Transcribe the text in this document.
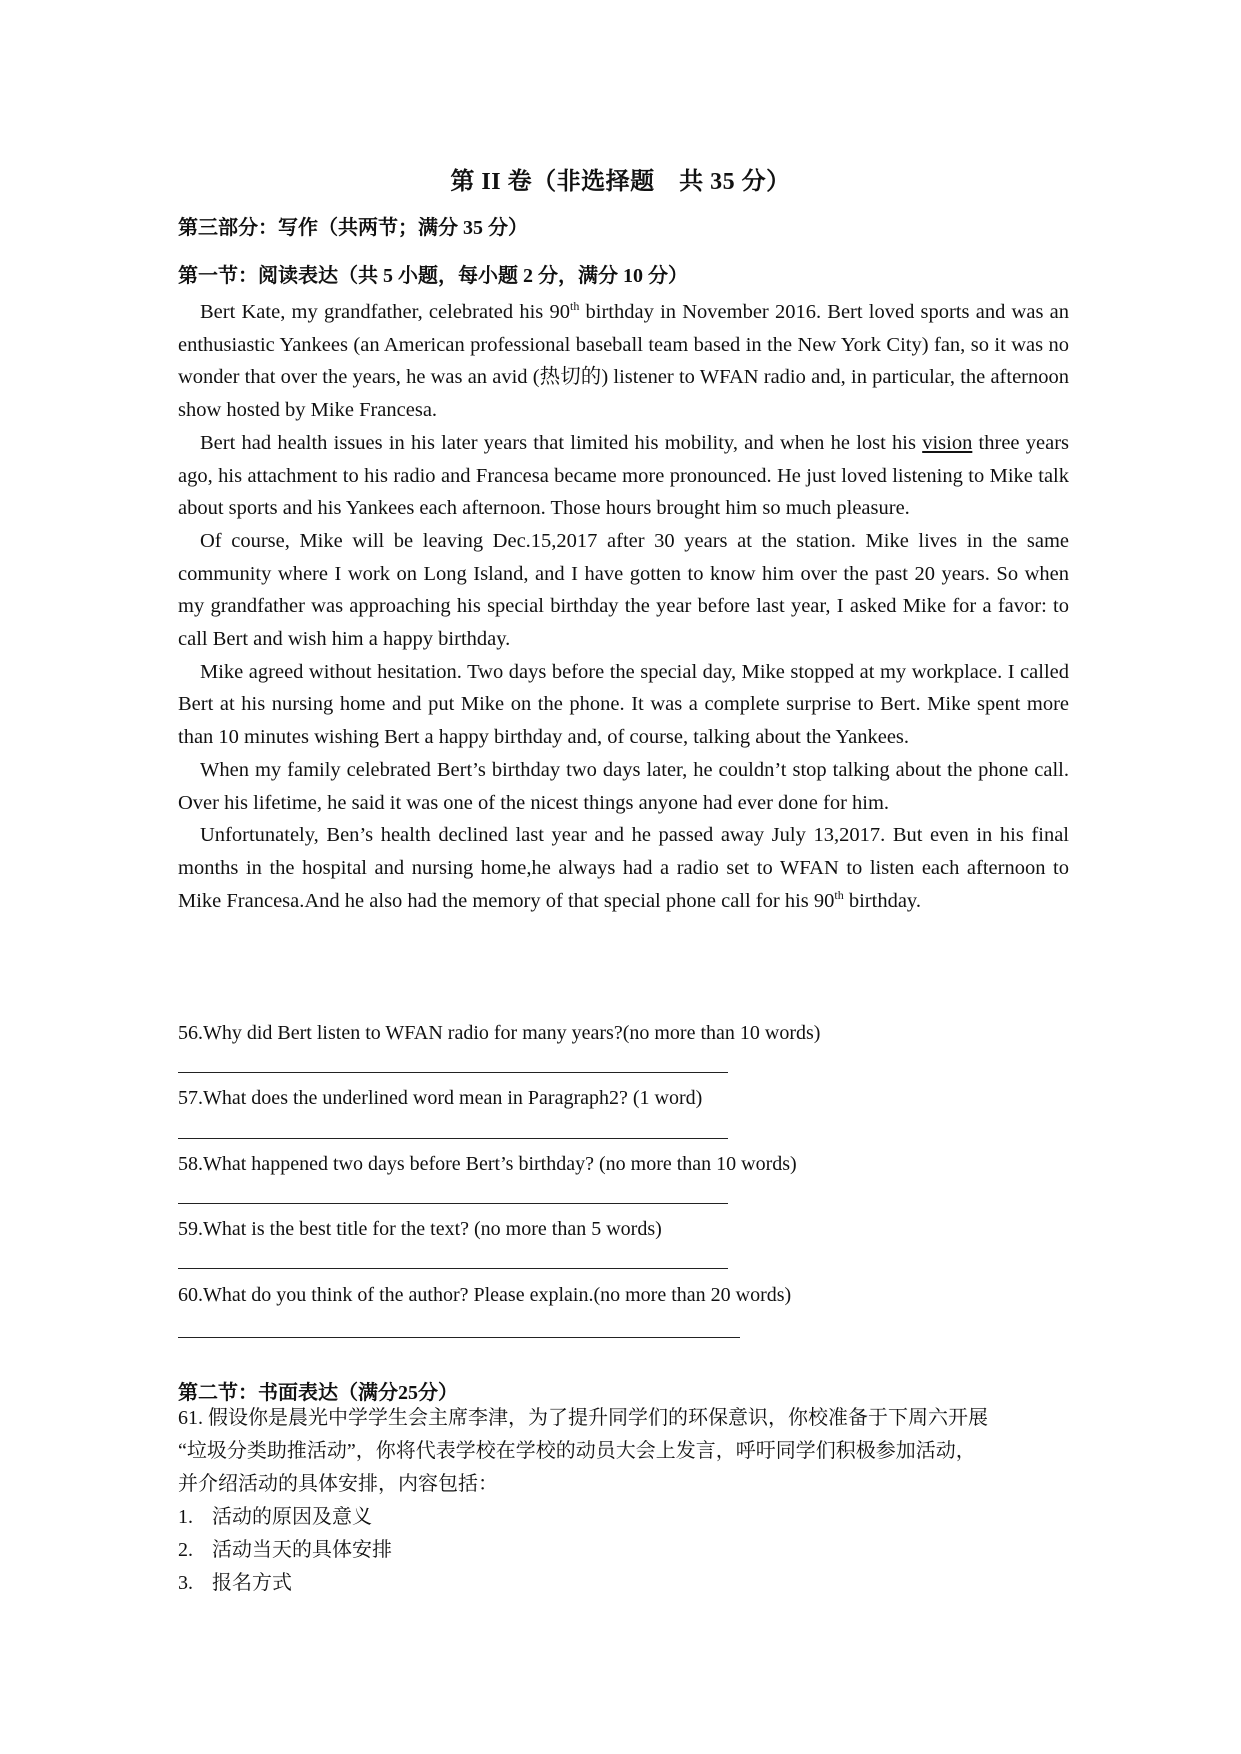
第 II 卷（非选择题　共 35 分）
第三部分：写作（共两节；满分 35 分）
第一节：阅读表达（共 5 小题，每小题 2 分，满分 10 分）

Bert Kate, my grandfather, celebrated his 90th birthday in November 2016. Bert loved sports and was an enthusiastic Yankees (an American professional baseball team based in the New York City) fan, so it was no wonder that over the years, he was an avid (热切的) listener to WFAN radio and, in particular, the afternoon show hosted by Mike Francesa.

Bert had health issues in his later years that limited his mobility, and when he lost his vision three years ago, his attachment to his radio and Francesa became more pronounced. He just loved listening to Mike talk about sports and his Yankees each afternoon. Those hours brought him so much pleasure.

Of course, Mike will be leaving Dec.15,2017 after 30 years at the station. Mike lives in the same community where I work on Long Island, and I have gotten to know him over the past 20 years. So when my grandfather was approaching his special birthday the year before last year, I asked Mike for a favor: to call Bert and wish him a happy birthday.

Mike agreed without hesitation. Two days before the special day, Mike stopped at my workplace. I called Bert at his nursing home and put Mike on the phone. It was a complete surprise to Bert. Mike spent more than 10 minutes wishing Bert a happy birthday and, of course, talking about the Yankees.

When my family celebrated Bert’s birthday two days later, he couldn’t stop talking about the phone call. Over his lifetime, he said it was one of the nicest things anyone had ever done for him.

Unfortunately, Ben’s health declined last year and he passed away July 13,2017. But even in his final months in the hospital and nursing home,he always had a radio set to WFAN to listen each afternoon to Mike Francesa.And he also had the memory of that special phone call for his 90th birthday.

56.Why did Bert listen to WFAN radio for many years?(no more than 10 words)
57.What does the underlined word mean in Paragraph2? (1 word)
58.What happened two days before Bert’s birthday? (no more than 10 words)
59.What is the best title for the text? (no more than 5 words)
60.What do you think of the author? Please explain.(no more than 20 words)
第二节：书面表达（满分25分）
61. 假设你是晨光中学学生会主席李津，为了提升同学们的环保意识，你校准备于下周六开展
“垃圾分类助推活动”，你将代表学校在学校的动员大会上发言，呼吁同学们积极参加活动，
并介绍活动的具体安排，内容包括：
1. 活动的原因及意义
2. 活动当天的具体安排
3. 报名方式
